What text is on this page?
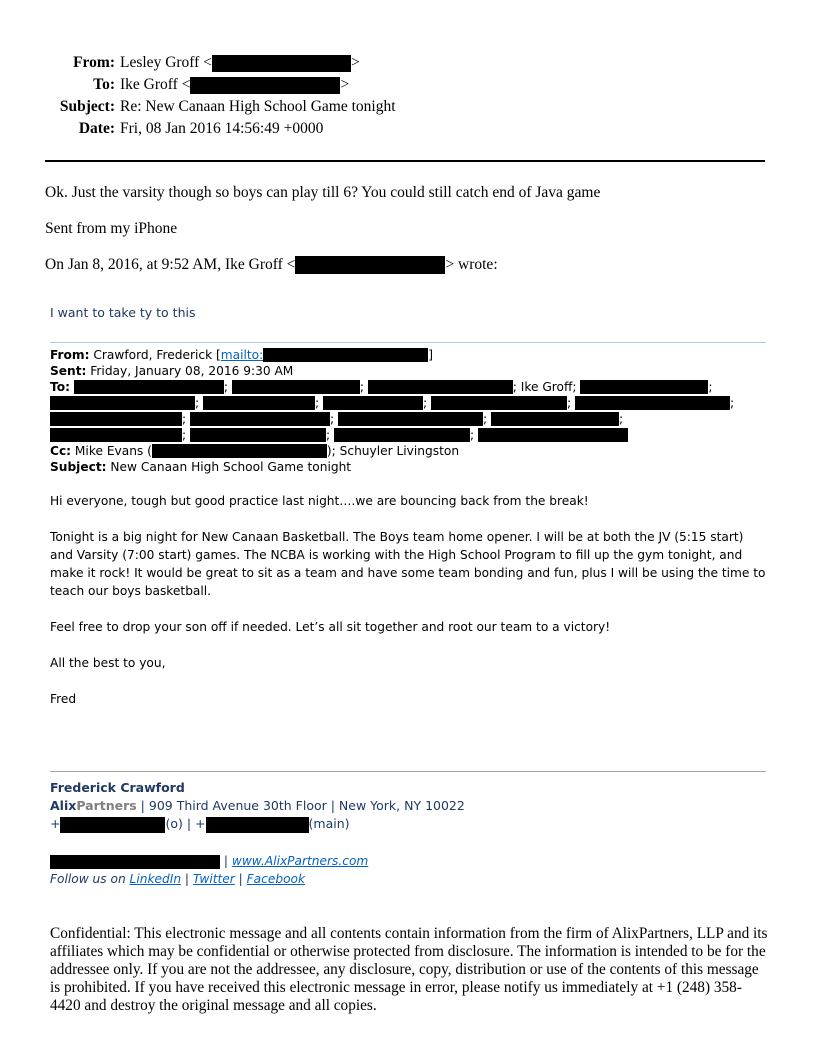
From: Lesley Groff <	>
To: Ike Groff <	>
Subject: Re: New Canaan High School Game tonight
Date: Fri, 08 Jan 2016 14:56:49 +0000
Ok. Just the varsity though so boys can play till 6? You could still catch end of Java game
Sent from my iPhone
On Jan 8, 2016, at 9:52 AM, Ike Groff <	> wrote:
I want to take ty to this
From:
Crawford, Frederick [ mailto:	]
Sent:
Friday, January 08, 2016 9:30 AM
To:
	;
	;
	; Ike Groff;
	;
;
	;
	;
	;
	;
;
	;
	;
	;
;
	;
	;

Cc:
Mike Evans (	); Schuyler Livingston
Subject:
New Canaan High School Game tonight
Hi everyone, tough but good practice last night….we are bouncing back from the break!
Tonight is a big night for New Canaan Basketball. The Boys team home opener. I will be at both the JV (5:15 start) and Varsity (7:00 start) games. The NCBA is working with the High School Program to fill up the gym tonight, and make it rock! It would be great to sit as a team and have some team bonding and fun, plus I will be using the time to teach our boys basketball.
Feel free to drop your son off if needed. Let’s all sit together and root our team to a victory!
All the best to you,
Fred
Frederick Crawford
AlixPartners | 909 Third Avenue 30th Floor | New York, NY 10022
+	(o) | +	(main)
| www.AlixPartners.com
Follow us on LinkedIn | Twitter | Facebook
Confidential: This electronic message and all contents contain information from the firm of AlixPartners, LLP and its affiliates which may be confidential or otherwise protected from disclosure. The information is intended to be for the addressee only. If you are not the addressee, any disclosure, copy, distribution or use of the contents of this message is prohibited. If you have received this electronic message in error, please notify us immediately at +1 (248) 358-4420 and destroy the original message and all copies.
